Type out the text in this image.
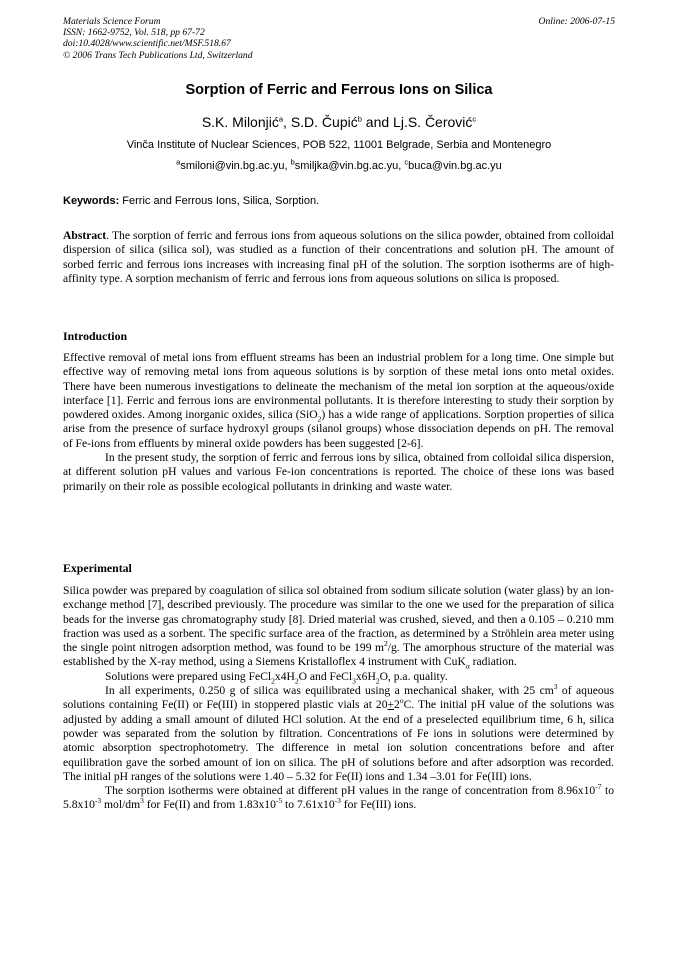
Materials Science Forum
ISSN: 1662-9752, Vol. 518, pp 67-72
doi:10.4028/www.scientific.net/MSF.518.67
© 2006 Trans Tech Publications Ltd, Switzerland
Online: 2006-07-15
Sorption of Ferric and Ferrous Ions on Silica
S.K. Milonjić$^a$, S.D. Čupić$^b$ and Lj.S. Čerović$^c$
Vinča Institute of Nuclear Sciences, POB 522, 11001 Belgrade, Serbia and Montenegro
$^a$smiloni@vin.bg.ac.yu, $^b$smiljka@vin.bg.ac.yu, $^c$buca@vin.bg.ac.yu
Keywords: Ferric and Ferrous Ions, Silica, Sorption.

Abstract. The sorption of ferric and ferrous ions from aqueous solutions on the silica powder, obtained from colloidal dispersion of silica (silica sol), was studied as a function of their concentrations and solution pH. The amount of sorbed ferric and ferrous ions increases with increasing final pH of the solution. The sorption isotherms are of high-affinity type. A sorption mechanism of ferric and ferrous ions from aqueous solutions on silica is proposed.

Introduction

Effective removal of metal ions from effluent streams has been an industrial problem for a long time. One simple but effective way of removing metal ions from aqueous solutions is by sorption of these metal ions onto metal oxides. There have been numerous investigations to delineate the mechanism of the metal ion sorption at the aqueous/oxide interface [1]. Ferric and ferrous ions are environmental pollutants. It is therefore interesting to study their sorption by powdered oxides. Among inorganic oxides, silica (SiO$_2$) has a wide range of applications. Sorption properties of silica arise from the presence of surface hydroxyl groups (silanol groups) whose dissociation depends on pH. The removal of Fe-ions from effluents by mineral oxide powders has been suggested [2-6].

In the present study, the sorption of ferric and ferrous ions by silica, obtained from colloidal silica dispersion, at different solution pH values and various Fe-ion concentrations is reported. The choice of these ions was based primarily on their role as possible ecological pollutants in drinking and waste water.

Experimental

Silica powder was prepared by coagulation of silica sol obtained from sodium silicate solution (water glass) by an ion-exchange method [7], described previously. The procedure was similar to the one we used for the preparation of silica beads for the inverse gas chromatography study [8]. Dried material was crushed, sieved, and then a 0.105 – 0.210 mm fraction was used as a sorbent. The specific surface area of the fraction, as determined by a Ströhlein area meter using the single point nitrogen adsorption method, was found to be 199 $m^2/g$. The amorphous structure of the material was established by the X-ray method, using a Siemens Kristalloflex 4 instrument with CuK$_\alpha$ radiation.

Solutions were prepared using $FeCl_2x4H_2O$ and $FeCl_3x6H_2O$, p.a. quality.

In all experiments, 0.250 g of silica was equilibrated using a mechanical shaker, with 25 $cm^3$ of aqueous solutions containing Fe(II) or Fe(III) in stoppered plastic vials at $20+2^oC$. The initial pH value of the solutions was adjusted by adding a small amount of diluted HCl solution. At the end of a preselected equilibrium time, 6 h, silica powder was separated from the solution by filtration. Concentrations of Fe ions in solutions were determined by atomic absorption spectrophotometry. The difference in metal ion solution concentrations before and after equilibration gave the sorbed amount of ion on silica. The pH of solutions before and after adsorption was recorded. The initial pH ranges of the solutions were 1.40 – 5.32 for Fe(II) ions and 1.34 –3.01 for Fe(III) ions.

The sorption isotherms were obtained at different pH values in the range of concentration from $8.96x10^{-7}$ to $5.8x10^{-3}$ mol/$dm^3$ for Fe(II) and from $1.83x10^{-5}$ to $7.61x10^{-3}$ for Fe(III) ions.
